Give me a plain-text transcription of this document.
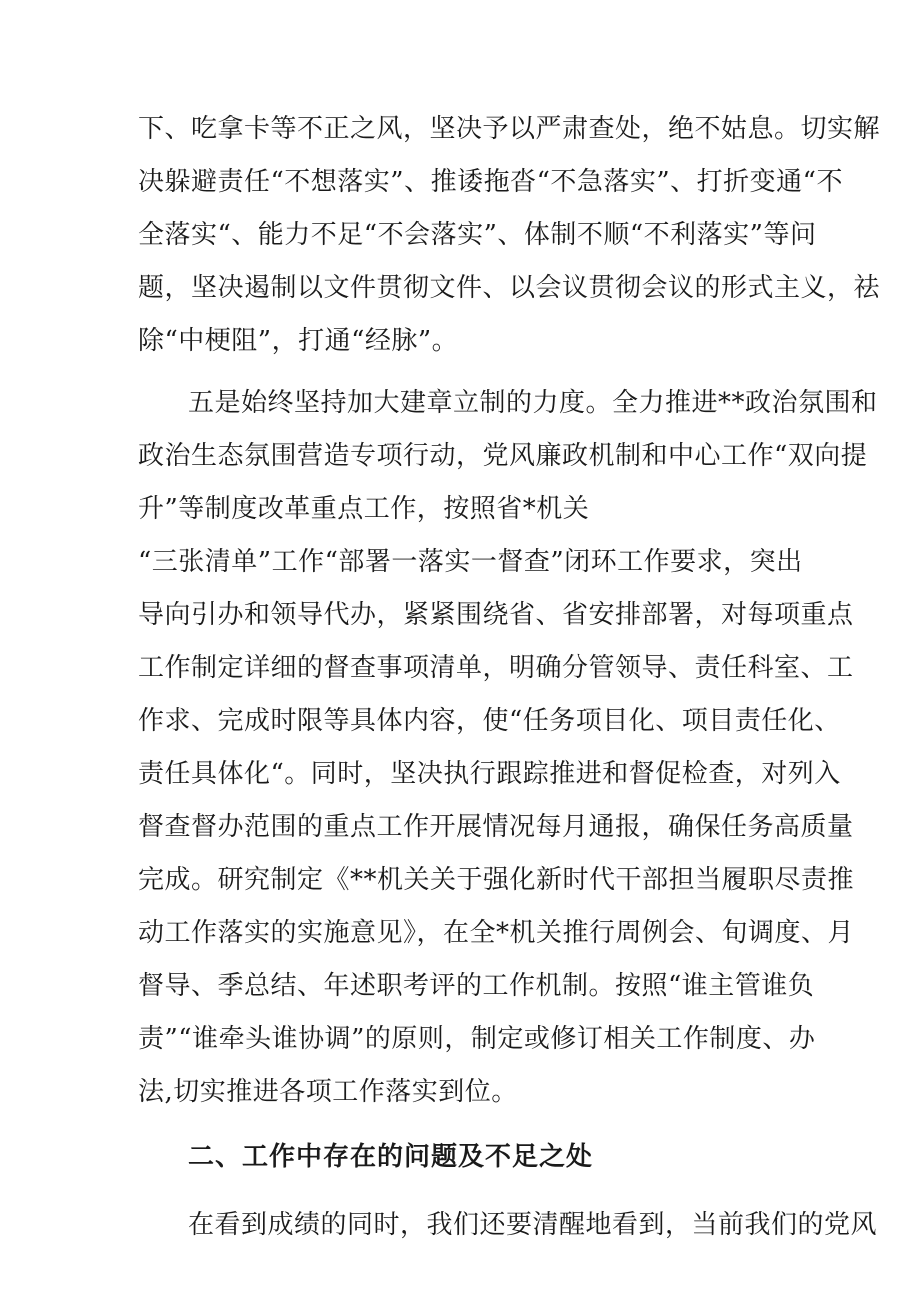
下、吃拿卡等不正之风，坚决予以严肃查处，绝不姑息。切实解
决躲避责任“不想落实”、推诿拖沓“不急落实”、打折变通“不
全落实“、能力不足“不会落实”、体制不顺“不利落实”等问
题，坚决遏制以文件贯彻文件、以会议贯彻会议的形式主义，祛
除“中梗阻”，打通“经脉”。
五是始终坚持加大建章立制的力度。全力推进**政治氛围和
政治生态氛围营造专项行动，党风廉政机制和中心工作“双向提
升”等制度改革重点工作，按照省*机关
“三张清单”工作“部署一落实一督查”闭环工作要求，突出
导向引办和领导代办，紧紧围绕省、省安排部署，对每项重点
工作制定详细的督查事项清单，明确分管领导、责任科室、工
作求、完成时限等具体内容，使“任务项目化、项目责任化、
责任具体化“。同时，坚决执行跟踪推进和督促检查，对列入
督查督办范围的重点工作开展情况每月通报，确保任务高质量
完成。研究制定《**机关关于强化新时代干部担当履职尽责推
动工作落实的实施意见》，在全*机关推行周例会、旬调度、月
督导、季总结、年述职考评的工作机制。按照“谁主管谁负
责”“谁牵头谁协调”的原则，制定或修订相关工作制度、办
法,切实推进各项工作落实到位。
二、工作中存在的问题及不足之处
在看到成绩的同时，我们还要清醒地看到，当前我们的党风
